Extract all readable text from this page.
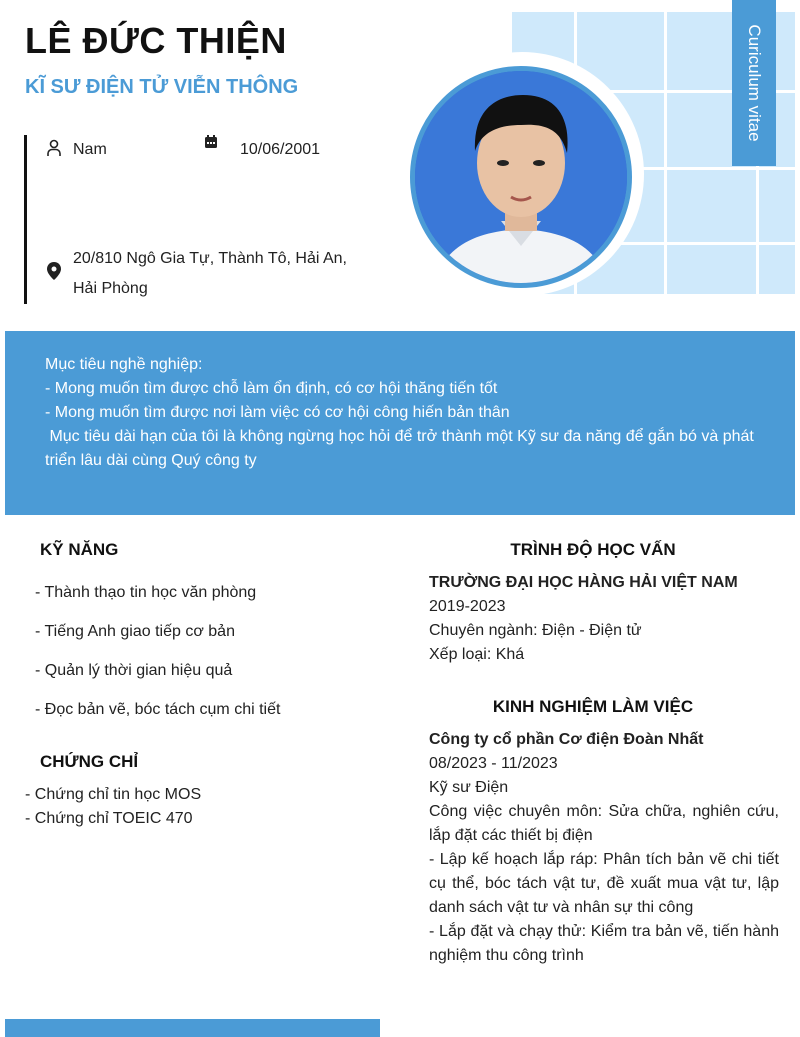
LÊ ĐỨC THIỆN
KĨ SƯ ĐIỆN TỬ VIỄN THÔNG
Nam	10/06/2001
20/810 Ngô Gia Tự, Thành Tô, Hải An, Hải Phòng
Curiculum vitae
Mục tiêu nghề nghiệp:
- Mong muốn tìm được chỗ làm ổn định, có cơ hội thăng tiến tốt
- Mong muốn tìm được nơi làm việc có cơ hội công hiến bản thân
Mục tiêu dài hạn của tôi là không ngừng học hỏi để trở thành một Kỹ sư đa năng để gắn bó và phát triển lâu dài cùng Quý công ty
KỸ NĂNG
- Thành thạo tin học văn phòng
- Tiếng Anh giao tiếp cơ bản
- Quản lý thời gian hiệu quả
- Đọc bản vẽ, bóc tách cụm chi tiết
CHỨNG CHỈ
- Chứng chỉ tin học MOS
- Chứng chỉ TOEIC 470
TRÌNH ĐỘ HỌC VẤN
TRƯỜNG ĐẠI HỌC HÀNG HẢI VIỆT NAM
2019-2023
Chuyên ngành: Điện - Điện tử
Xếp loại: Khá
KINH NGHIỆM LÀM VIỆC
Công ty cổ phần Cơ điện Đoàn Nhất
08/2023 - 11/2023
Kỹ sư Điện
Công việc chuyên môn: Sửa chữa, nghiên cứu, lắp đặt các thiết bị điện
- Lập kế hoạch lắp ráp: Phân tích bản vẽ chi tiết cụ thể, bóc tách vật tư, đề xuất mua vật tư, lập danh sách vật tư và nhân sự thi công
- Lắp đặt và chạy thử: Kiểm tra bản vẽ, tiến hành nghiệm thu công trình
